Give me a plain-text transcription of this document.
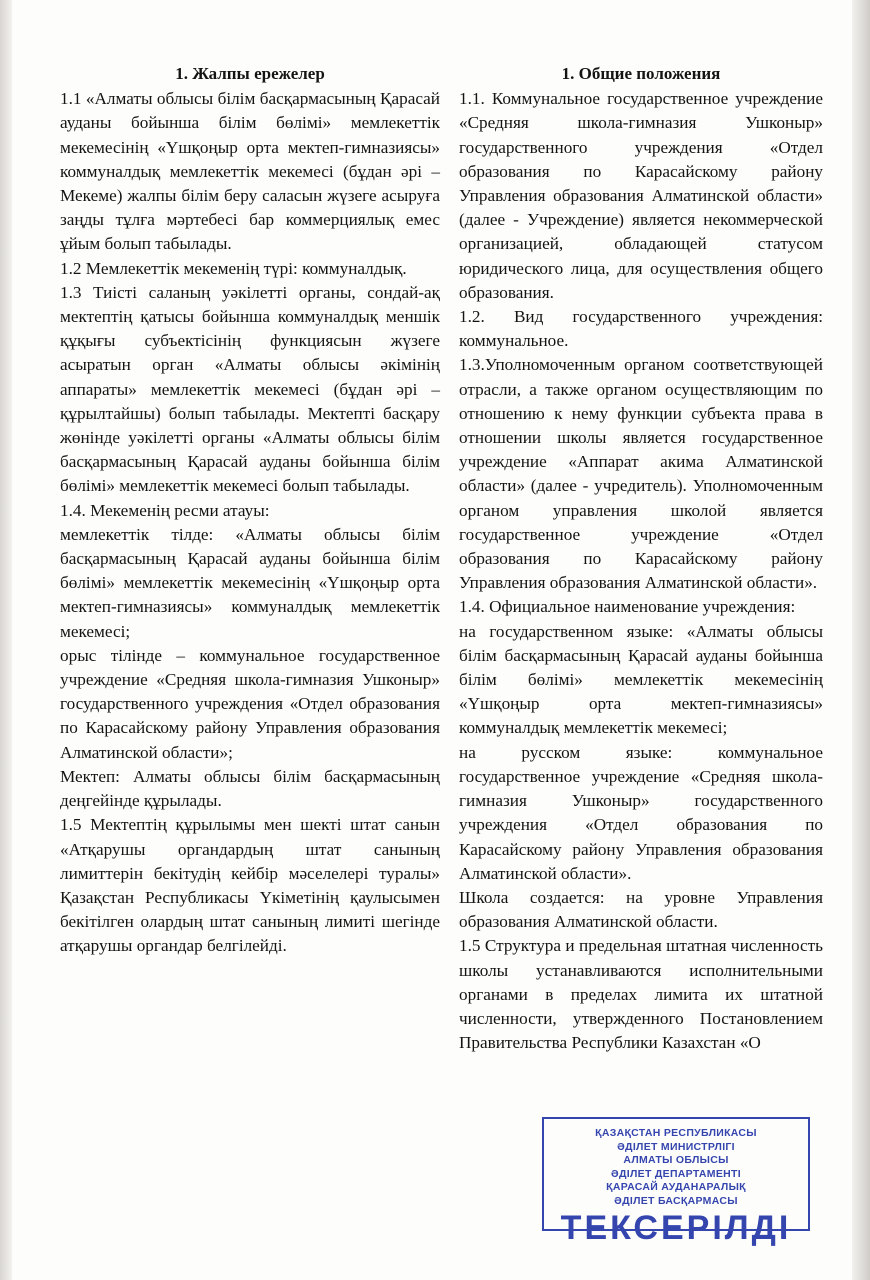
1. Жалпы ережелер

1.1 «Алматы облысы білім басқармасының Қарасай ауданы бойынша білім бөлімі» мемлекеттік мекемесінің «Үшқоңыр орта мектеп-гимназиясы» коммуналдық мемлекеттік мекемесі (бұдан әрі – Мекеме) жалпы білім беру саласын жүзеге асыруға заңды тұлға мәртебесі бар коммерциялық емес ұйым болып табылады.

1.2 Мемлекеттік мекеменің түрі: коммуналдық.

1.3 Тиісті саланың уәкілетті органы, сондай-ақ мектептің қатысы бойынша коммуналдық меншік құқығы субъектісінің функциясын жүзеге асыратын орган «Алматы облысы әкімінің аппараты» мемлекеттік мекемесі (бұдан әрі – құрылтайшы) болып табылады. Мектепті басқару жөнінде уәкілетті органы «Алматы облысы білім басқармасының Қарасай ауданы бойынша білім бөлімі» мемлекеттік мекемесі болып табылады.

1.4. Мекеменің ресми атауы:

мемлекеттік тілде: «Алматы облысы білім басқармасының Қарасай ауданы бойынша білім бөлімі» мемлекеттік мекемесінің «Үшқоңыр орта мектеп-гимназиясы» коммуналдық мемлекеттік мекемесі;

орыс тілінде – коммунальное государственное учреждение «Средняя школа-гимназия Ушконыр» государственного учреждения «Отдел образования по Карасайскому району Управления образования Алматинской области»;

Мектеп: Алматы облысы білім басқармасының деңгейінде құрылады.

1.5 Мектептің құрылымы мен шекті штат санын «Атқарушы органдардың штат санының лимиттерін бекітудің кейбір мәселелері туралы» Қазақстан Республикасы Үкіметінің қаулысымен бекітілген олардың штат санының лимиті шегінде атқарушы органдар белгілейді.

1. Общие положения

1.1. Коммунальное государственное учреждение «Средняя школа-гимназия Ушконыр» государственного учреждения «Отдел образования по Карасайскому району Управления образования Алматинской области» (далее - Учреждение) является некоммерческой организацией, обладающей статусом юридического лица, для осуществления общего образования.

1.2. Вид государственного учреждения: коммунальное.

1.3.Уполномоченным органом соответствующей отрасли, а также органом осуществляющим по отношению к нему функции субъекта права в отношении школы является государственное учреждение «Аппарат акима Алматинской области» (далее - учредитель). Уполномоченным органом управления школой является государственное учреждение «Отдел образования по Карасайскому району Управления образования Алматинской области».

1.4. Официальное наименование учреждения:

на государственном языке: «Алматы облысы білім басқармасының Қарасай ауданы бойынша білім бөлімі» мемлекеттік мекемесінің «Үшқоңыр орта мектеп-гимназиясы» коммуналдық мемлекеттік мекемесі;

на русском языке: коммунальное государственное учреждение «Средняя школа-гимназия Ушконыр» государственного учреждения «Отдел образования по Карасайскому району Управления образования Алматинской области».

Школа создается: на уровне Управления образования Алматинской области.

1.5 Структура и предельная штатная численность школы устанавливаются исполнительными органами в пределах лимита их штатной численности, утвержденного Постановлением Правительства Республики Казахстан «О

ҚАЗАҚСТАН РЕСПУБЛИКАСЫ
ӘДІЛЕТ МИНИСТРЛІГІ
АЛМАТЫ ОБЛЫСЫ
ӘДІЛЕТ ДЕПАРТАМЕНТІ
ҚАРАСАЙ АУДАНАРАЛЫҚ
ӘДІЛЕТ БАСҚАРМАСЫ
ТЕКСЕРІЛДІ
